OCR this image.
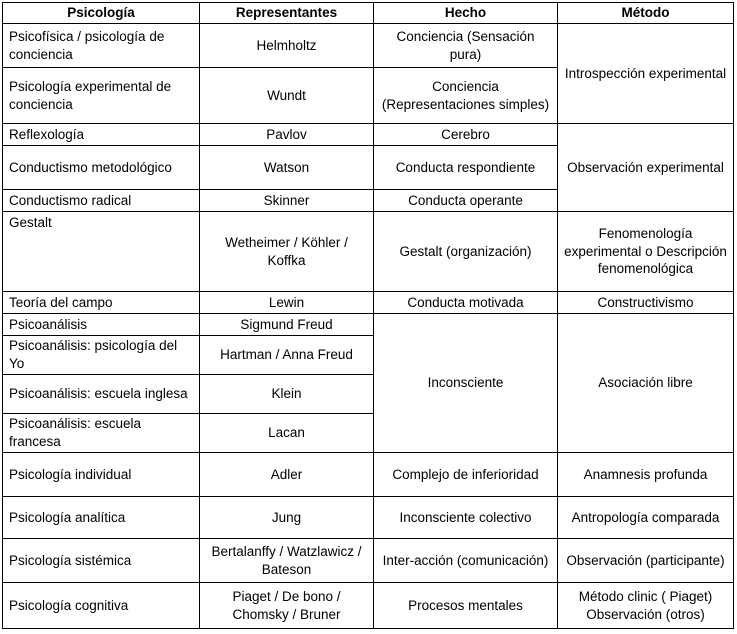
Psicología	Representantes	Hecho	Método
Psicofísica / psicología de conciencia	Helmholtz	Conciencia (Sensación pura)	Introspección experimental
Psicología experimental de conciencia	Wundt	Conciencia (Representaciones simples)	
Reflexología	Pavlov	Cerebro	Observación experimental
Conductismo metodológico	Watson	Conducta respondiente	
Conductismo radical	Skinner	Conducta operante	
Gestalt	Wetheimer / Köhler / Koffka	Gestalt (organización)	Fenomenología experimental o Descripción fenomenológica
Teoría del campo	Lewin	Conducta motivada	Constructivismo
Psicoanálisis	Sigmund Freud	Inconsciente	Asociación libre
Psicoanálisis: psicología del Yo	Hartman / Anna Freud		
Psicoanálisis: escuela inglesa	Klein		
Psicoanálisis: escuela francesa	Lacan		
Psicología individual	Adler	Complejo de inferioridad	Anamnesis profunda
Psicología analítica	Jung	Inconsciente colectivo	Antropología comparada
Psicología sistémica	Bertalanffy / Watzlawicz / Bateson	Inter-acción (comunicación)	Observación (participante)
Psicología cognitiva	Piaget / De bono / Chomsky / Bruner	Procesos mentales	Método clinic ( Piaget) Observación (otros)
